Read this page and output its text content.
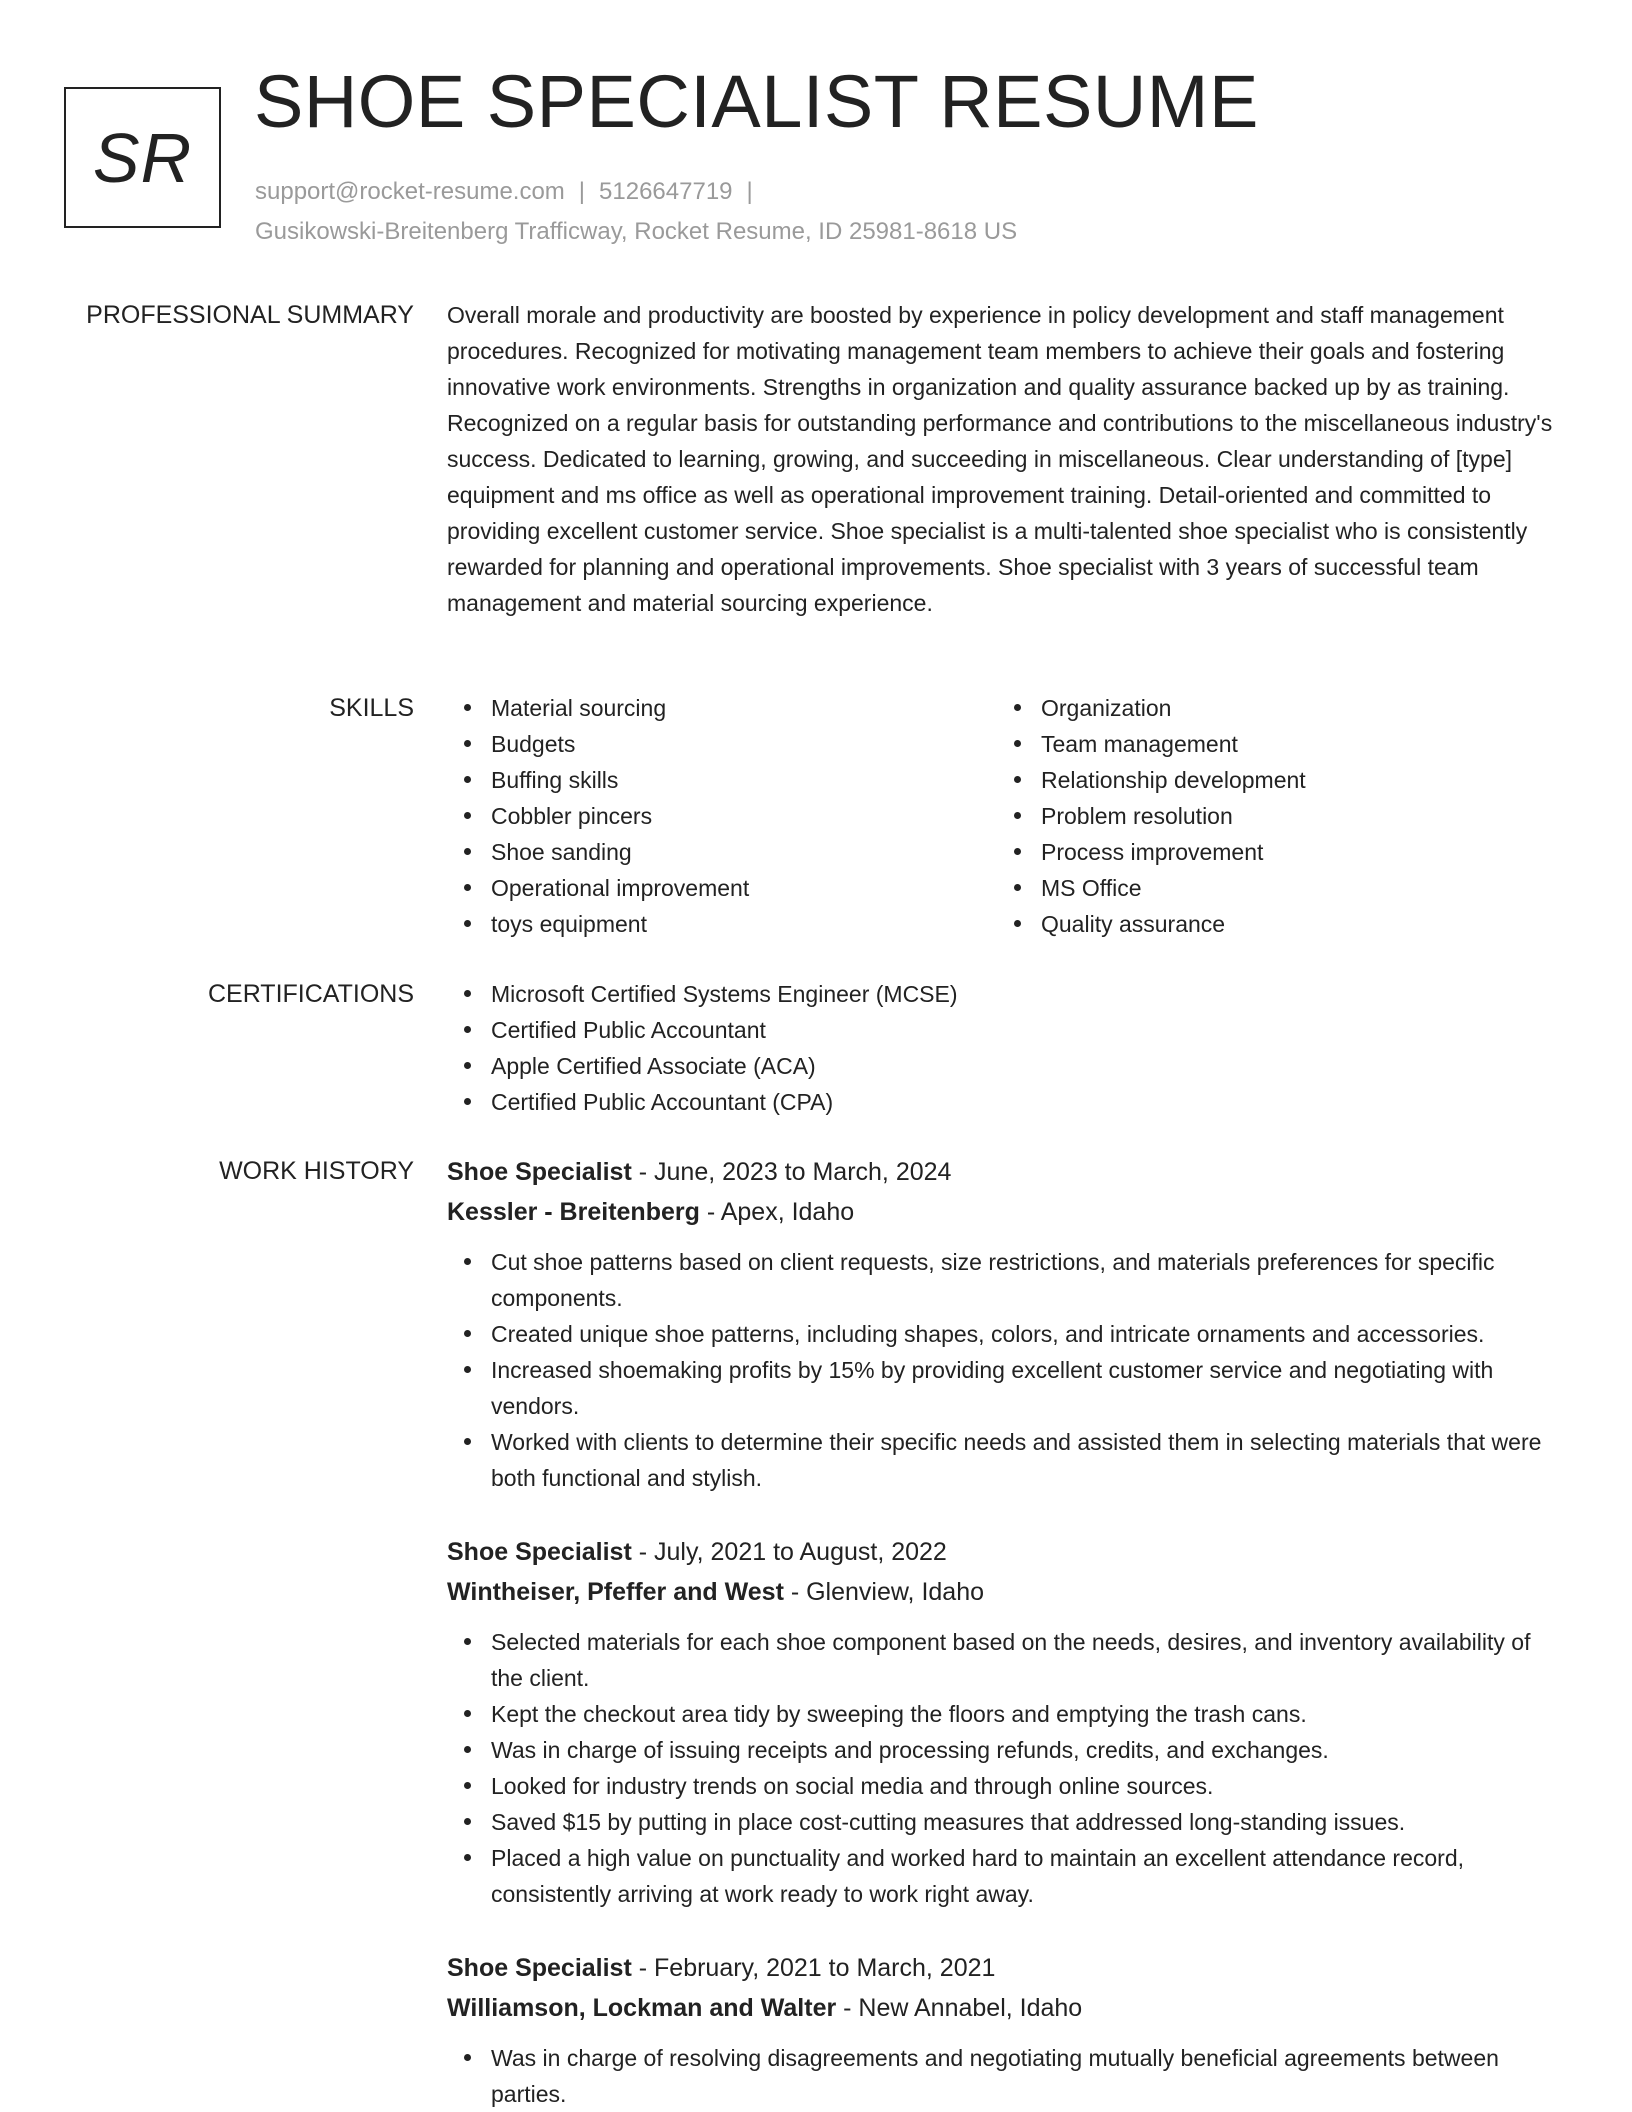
SR
SHOE SPECIALIST RESUME
support@rocket-resume.com | 5126647719 |
Gusikowski-Breitenberg Trafficway, Rocket Resume, ID 25981-8618 US
PROFESSIONAL SUMMARY Overall morale and productivity are boosted by experience in policy development and staff management procedures. Recognized for motivating management team members to achieve their goals and fostering innovative work environments. Strengths in organization and quality assurance backed up by as training. Recognized on a regular basis for outstanding performance and contributions to the miscellaneous industry's success. Dedicated to learning, growing, and succeeding in miscellaneous. Clear understanding of [type] equipment and ms office as well as operational improvement training. Detail-oriented and committed to providing excellent customer service. Shoe specialist is a multi-talented shoe specialist who is consistently rewarded for planning and operational improvements. Shoe specialist with 3 years of successful team management and material sourcing experience.

SKILLS	Material sourcing
Budgets
Buffing skills
Cobbler pincers
Shoe sanding
Operational improvement
toys equipment
Organization
Team management
Relationship development
Problem resolution
Process improvement
MS Office
Quality assurance
CERTIFICATIONS	Microsoft Certified Systems Engineer (MCSE)
Certified Public Accountant
Apple Certified Associate (ACA)
Certified Public Accountant (CPA)
WORK HISTORY Shoe Specialist - June, 2023 to March, 2024
Kessler - Breitenberg - Apex, Idaho
Cut shoe patterns based on client requests, size restrictions, and materials preferences for specific components.
Created unique shoe patterns, including shapes, colors, and intricate ornaments and accessories.
Increased shoemaking profits by 15% by providing excellent customer service and negotiating with vendors.
Worked with clients to determine their specific needs and assisted them in selecting materials that were both functional and stylish.
Shoe Specialist - July, 2021 to August, 2022
Wintheiser, Pfeffer and West - Glenview, Idaho
Selected materials for each shoe component based on the needs, desires, and inventory availability of the client.
Kept the checkout area tidy by sweeping the floors and emptying the trash cans.
Was in charge of issuing receipts and processing refunds, credits, and exchanges.
Looked for industry trends on social media and through online sources.
Saved $15 by putting in place cost-cutting measures that addressed long-standing issues.
Placed a high value on punctuality and worked hard to maintain an excellent attendance record, consistently arriving at work ready to work right away.
Shoe Specialist - February, 2021 to March, 2021
Williamson, Lockman and Walter - New Annabel, Idaho
Was in charge of resolving disagreements and negotiating mutually beneficial agreements between parties.
